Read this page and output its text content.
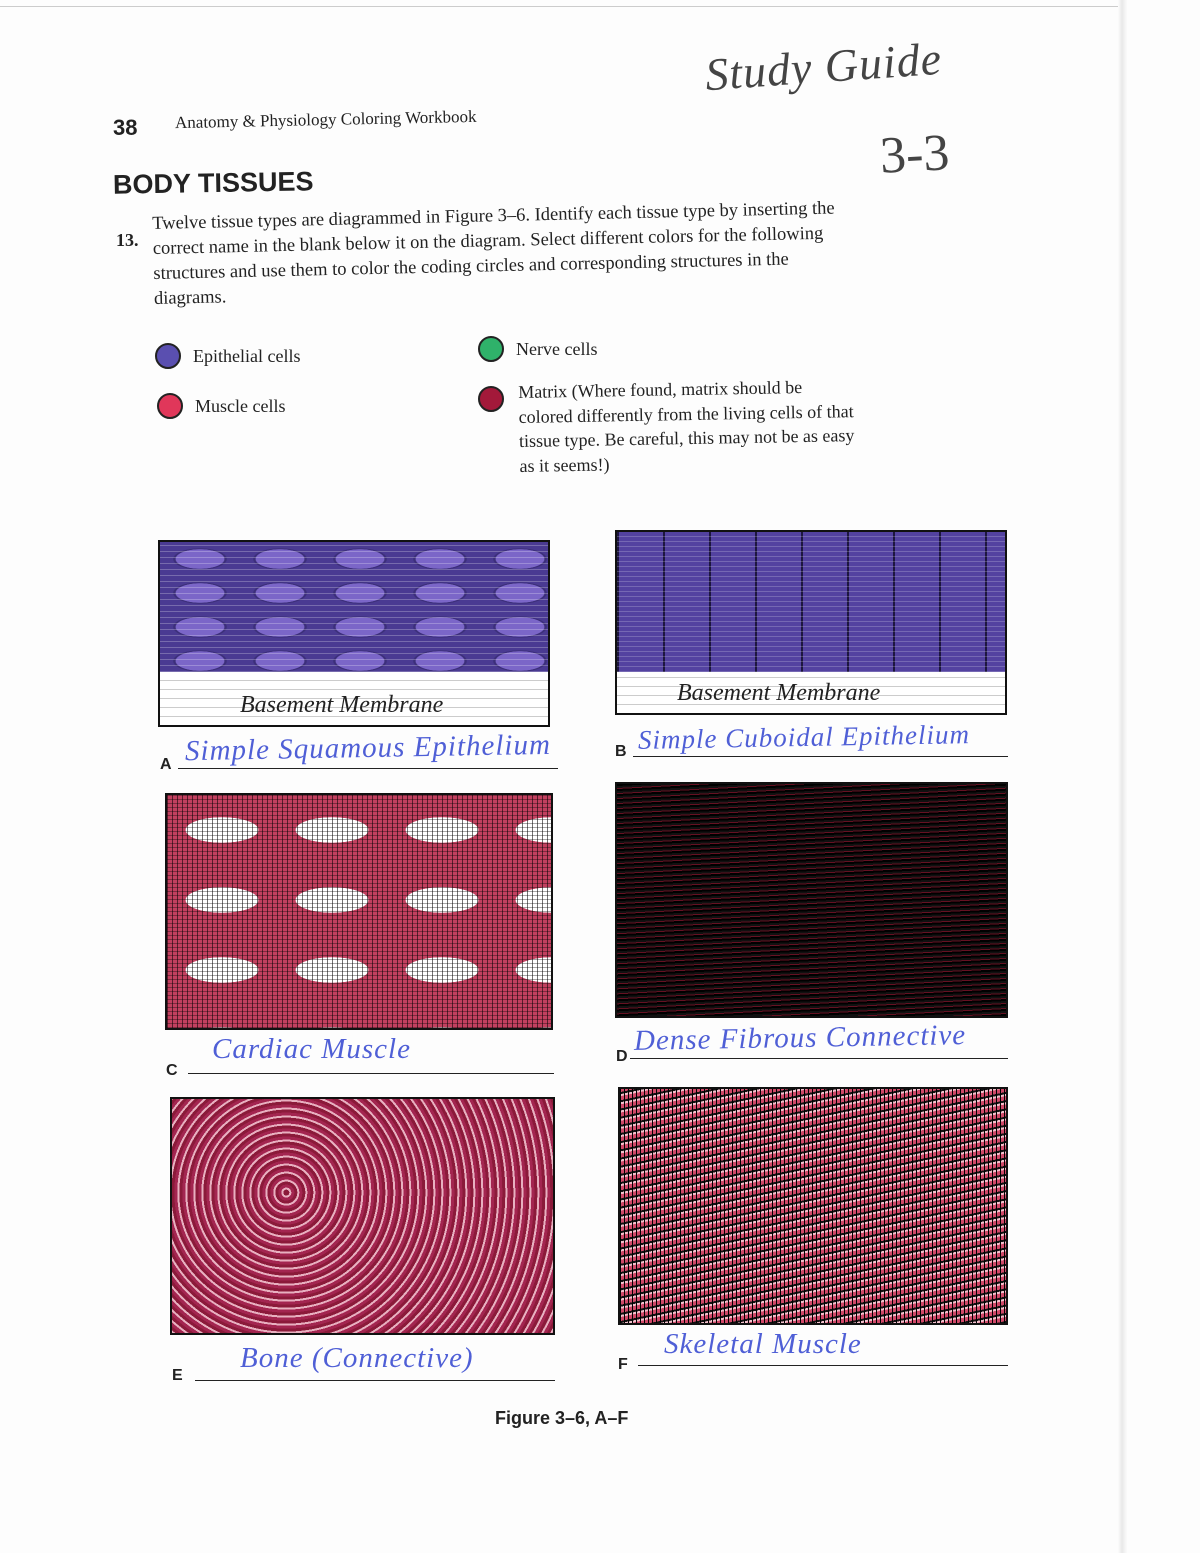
38 Anatomy & Physiology Coloring Workbook
Study Guide
3-3
BODY TISSUES
13.
Twelve tissue types are diagrammed in Figure 3–6. Identify each tissue type by inserting the correct name in the blank below it on the diagram. Select different colors for the following structures and use them to color the coding circles and corresponding structures in the diagrams.
Epithelial cells
Muscle cells
Nerve cells
Matrix (Where found, matrix should be colored differently from the living cells of that tissue type. Be careful, this may not be as easy as it seems!)
Basement Membrane
A Simple Squamous Epithelium
Basement Membrane
B Simple Cuboidal Epithelium
C
Cardiac Muscle	D Dense Fibrous Connective
E
Bone (Connective)	F
Skeletal Muscle
Figure 3–6, A–F
